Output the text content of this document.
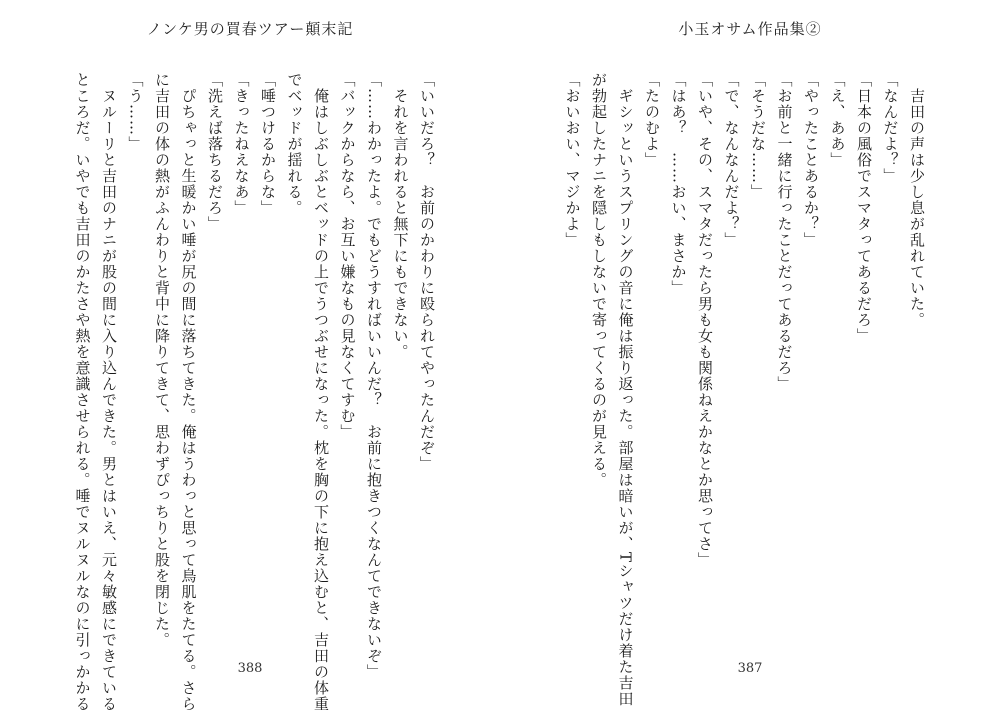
ノンケ男の買春ツアー顛末記
「いいだろ？　お前のかわりに殴られてやったんだぞ」
　それを言われると無下にもできない。
「……わかったよ。でもどうすればいいんだ？　お前に抱きつくなんてできないぞ」
「バックからなら、お互い嫌なもの見なくてすむ」
　俺はしぶしぶとベッドの上でうつぶせになった。枕を胸の下に抱え込むと、吉田の体重
でベッドが揺れる。
「唾つけるからな」
「きったねえなあ」
「洗えば落ちるだろ」
　ぴちゃっと生暖かい唾が尻の間に落ちてきた。俺はうわっと思って鳥肌をたてる。さら
に吉田の体の熱がふんわりと背中に降りてきて、思わずぴっちりと股を閉じた。
「う……」
　ヌルーリと吉田のナニが股の間に入り込んできた。男とはいえ、元々敏感にできている
ところだ。いやでも吉田のかたさや熱を意識させられる。唾でヌルヌルなのに引っかかる	388
小玉オサム作品集②
　吉田の声は少し息が乱れていた。
「なんだよ？」
「日本の風俗でスマタってあるだろ」
「え、ああ」
「やったことあるか？」
「お前と一緒に行ったことだってあるだろ」
「そうだな……」
「で、なんなんだよ？」
「いや、その、スマタだったら男も女も関係ねえかなとか思ってさ」
「はあ？　……おい、まさか」
「たのむよ」
　ギシッというスプリングの音に俺は振り返った。部屋は暗いが、Tシャツだけ着た吉田
が勃起したナニを隠しもしないで寄ってくるのが見える。
「おいおい、マジかよ」
387
